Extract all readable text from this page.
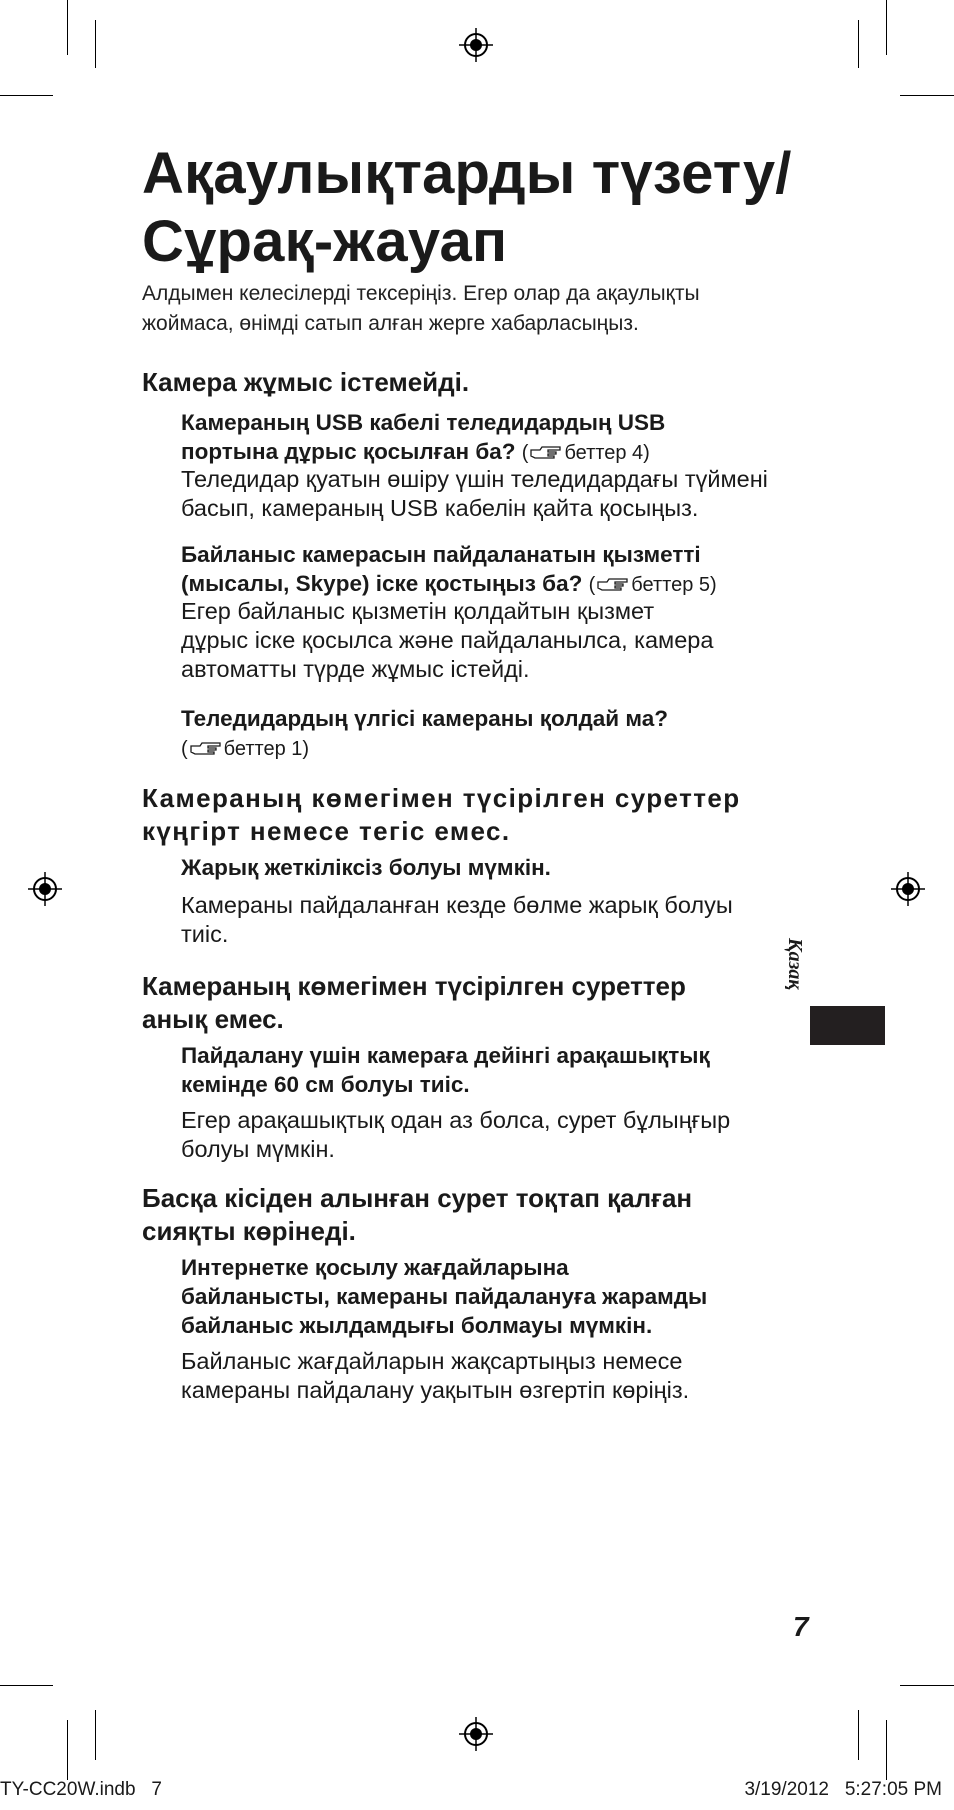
Ақаулықтарды түзету/
Сұрақ-жауап

Алдымен келесілерді тексеріңіз. Егер олар да ақаулықты
жоймаса, өнімді сатып алған жерге хабарласыңыз.

Камера жұмыс істемейді.

Камераның USB кабелі теледидардың USB
портына дұрыс қосылған ба? ( беттер 4)

Теледидар қуатын өшіру үшін теледидардағы түймені
басып, камераның USB кабелін қайта қосыңыз.

Байланыс камерасын пайдаланатын қызметті
(мысалы, Skype) іске қостыңыз ба? ( беттер 5)

Егер байланыс қызметін қолдайтын қызмет
дұрыс іске қосылса және пайдаланылса, камера
автоматты түрде жұмыс істейді.

Теледидардың үлгісі камераны қолдай ма?
( беттер 1)

Камераның көмегімен түсірілген суреттер
күңгірт немесе тегіс емес.

Жарық жеткіліксіз болуы мүмкін.

Камераны пайдаланған кезде бөлме жарық болуы
тиіс.

Камераның көмегімен түсірілген суреттер
анық емес.

Пайдалану үшін камераға дейінгі арақашықтық
кемінде 60 см болуы тиіс.

Егер арақашықтық одан аз болса, сурет бұлыңғыр
болуы мүмкін.

Басқа кісіден алынған сурет тоқтап қалған
сияқты көрінеді.

Интернетке қосылу жағдайларына
байланысты, камераны пайдалануға жарамды
байланыс жылдамдығы болмауы мүмкін.

Байланыс жағдайларын жақсартыңыз немесе
камераны пайдалану уақытын өзгертіп көріңіз.

Қазақ
7
TY-CC20W.indb   7	3/19/2012   5:27:05 PM
